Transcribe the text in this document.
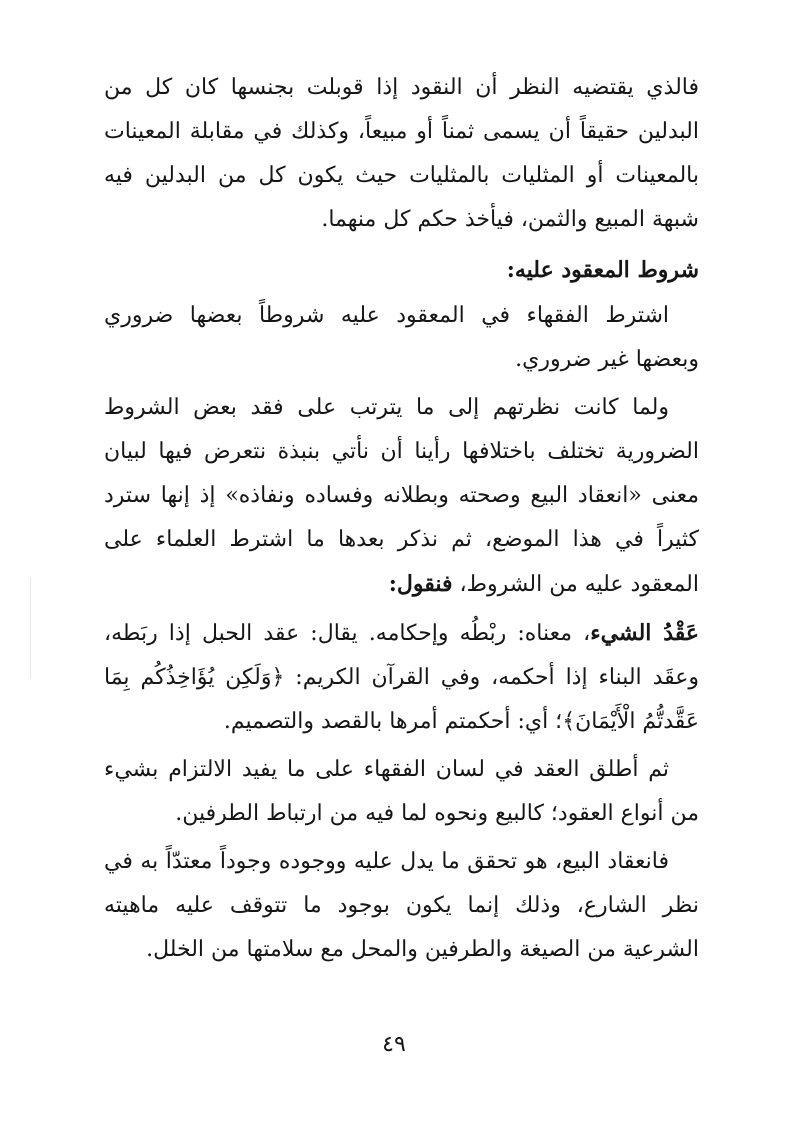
فالذي يقتضيه النظر أن النقود إذا قوبلت بجنسها كان كل من البدلين حقيقاً أن يسمى ثمناً أو مبيعاً، وكذلك في مقابلة المعينات بالمعينات أو المثليات بالمثليات حيث يكون كل من البدلين فيه شبهة المبيع والثمن، فيأخذ حكم كل منهما.

شروط المعقود عليه:

اشترط الفقهاء في المعقود عليه شروطاً بعضها ضروري وبعضها غير ضروري.

ولما كانت نظرتهم إلى ما يترتب على فقد بعض الشروط الضرورية تختلف باختلافها رأينا أن نأتي بنبذة نتعرض فيها لبيان معنى «انعقاد البيع وصحته وبطلانه وفساده ونفاذه» إذ إنها سترد كثيراً في هذا الموضع، ثم نذكر بعدها ما اشترط العلماء على المعقود عليه من الشروط، فنقول:

عَقْدُ الشيء، معناه: ربْطُه وإحكامه. يقال: عقد الحبل إذا ربَطه، وعقَد البناء إذا أحكمه، وفي القرآن الكريم: ﴿وَلَكِن يُؤَاخِذُكُم بِمَا عَقَّدتُّمُ الْأَيْمَانَ﴾؛ أي: أحكمتم أمرها بالقصد والتصميم.

ثم أطلق العقد في لسان الفقهاء على ما يفيد الالتزام بشيء من أنواع العقود؛ كالبيع ونحوه لما فيه من ارتباط الطرفين.

فانعقاد البيع، هو تحقق ما يدل عليه ووجوده وجوداً معتدّاً به في نظر الشارع، وذلك إنما يكون بوجود ما تتوقف عليه ماهيته الشرعية من الصيغة والطرفين والمحل مع سلامتها من الخلل.

٤٩
